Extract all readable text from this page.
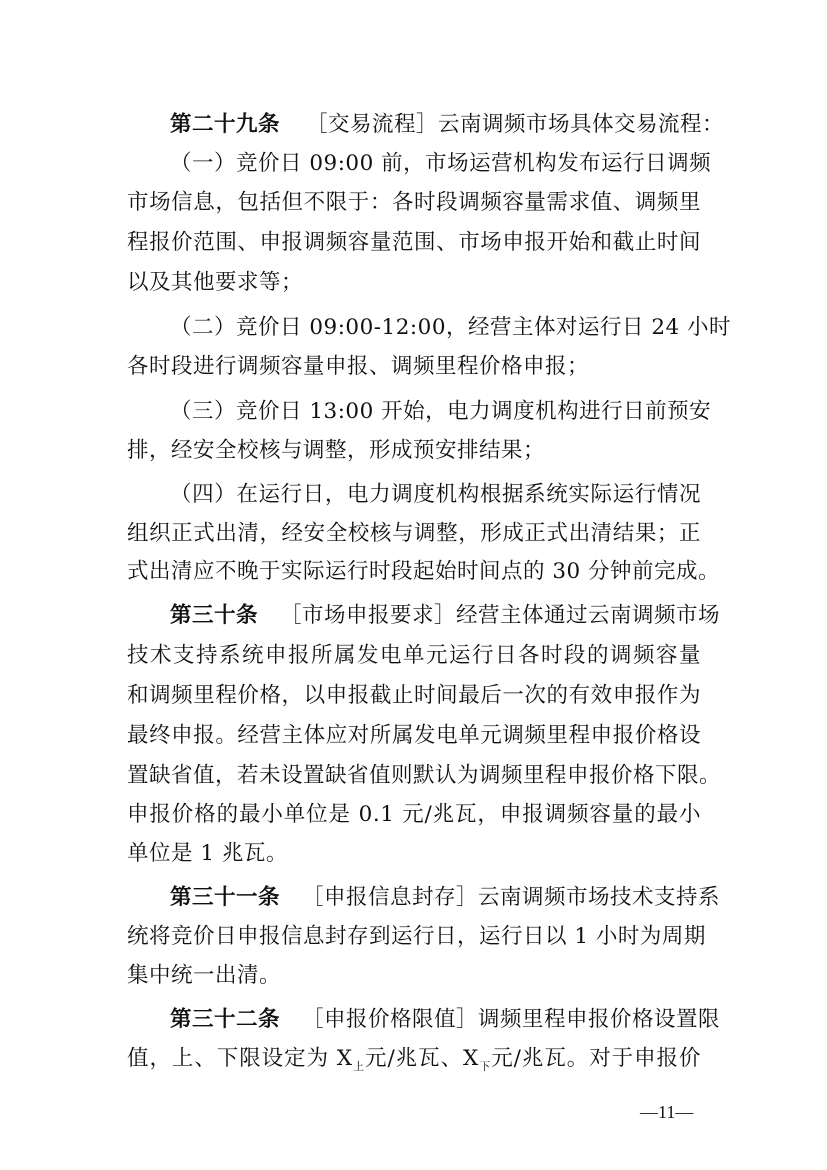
第二十九条 ［交易流程］云南调频市场具体交易流程：
（一）竞价日 09:00 前，市场运营机构发布运行日调频
市场信息，包括但不限于：各时段调频容量需求值、调频里
程报价范围、申报调频容量范围、市场申报开始和截止时间
以及其他要求等；
（二）竞价日 09:00-12:00，经营主体对运行日 24 小时
各时段进行调频容量申报、调频里程价格申报；
（三）竞价日 13:00 开始，电力调度机构进行日前预安
排，经安全校核与调整，形成预安排结果；
（四）在运行日，电力调度机构根据系统实际运行情况
组织正式出清，经安全校核与调整，形成正式出清结果；正
式出清应不晚于实际运行时段起始时间点的 30 分钟前完成。
第三十条 ［市场申报要求］经营主体通过云南调频市场
技术支持系统申报所属发电单元运行日各时段的调频容量
和调频里程价格，以申报截止时间最后一次的有效申报作为
最终申报。经营主体应对所属发电单元调频里程申报价格设
置缺省值，若未设置缺省值则默认为调频里程申报价格下限。
申报价格的最小单位是 0.1 元/兆瓦，申报调频容量的最小
单位是 1 兆瓦。
第三十一条 ［申报信息封存］云南调频市场技术支持系
统将竞价日申报信息封存到运行日，运行日以 1 小时为周期
集中统一出清。
第三十二条 ［申报价格限值］调频里程申报价格设置限
值，上、下限设定为 $X_上$元/兆瓦、$X_下$元/兆瓦。对于申报价
—11—
